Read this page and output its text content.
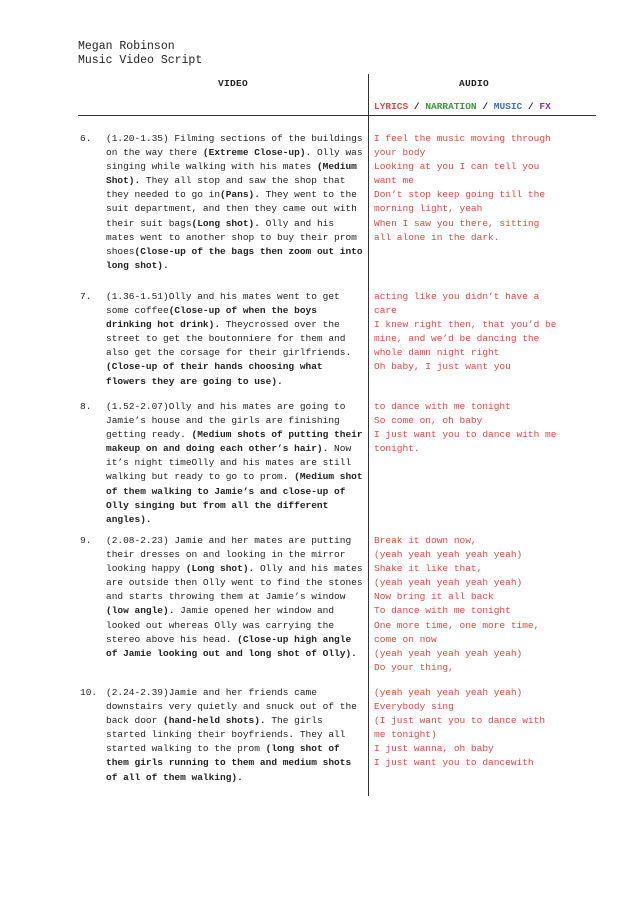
Megan Robinson
Music Video Script
VIDEO	AUDIO
LYRICS / NARRATION / MUSIC / FX
6. (1.20-1.35) Filming sections of the buildings on the way there (Extreme Close-up). Olly was singing while walking with his mates (Medium Shot). They all stop and saw the shop that they needed to go in(Pans). They went to the suit department, and then they came out with their suit bags(Long shot). Olly and his mates went to another shop to buy their prom shoes(Close-up of the bags then zoom out into long shot).
I feel the music moving through
your body
Looking at you I can tell you
want me
Don’t stop keep going till the
morning light, yeah
When I saw you there, sitting
all alone in the dark.
7. (1.36-1.51)Olly and his mates went to get some coffee(Close-up of when the boys drinking hot drink). Theycrossed over the street to get the boutonniere for them and also get the corsage for their girlfriends. (Close-up of their hands choosing what flowers they are going to use).
acting like you didn’t have a
care
I knew right then, that you’d be
mine, and we’d be dancing the
whole damn night right
Oh baby, I just want you
8. (1.52-2.07)Olly and his mates are going to Jamie’s house and the girls are finishing getting ready. (Medium shots of putting their makeup on and doing each other’s hair). Now it’s night timeOlly and his mates are still walking but ready to go to prom. (Medium shot of them walking to Jamie’s and close-up of Olly singing but from all the different angles).
to dance with me tonight
So come on, oh baby
I just want you to dance with me
tonight.
9. (2.08-2.23) Jamie and her mates are putting their dresses on and looking in the mirror looking happy (Long shot). Olly and his mates are outside then Olly went to find the stones and starts throwing them at Jamie’s window (low angle). Jamie opened her window and looked out whereas Olly was carrying the stereo above his head. (Close-up high angle of Jamie looking out and long shot of Olly).
Break it down now,
(yeah yeah yeah yeah yeah)
Shake it like that,
(yeah yeah yeah yeah yeah)
Now bring it all back
To dance with me tonight
One more time, one more time,
come on now
(yeah yeah yeah yeah yeah)
Do your thing,
10. (2.24-2.39)Jamie and her friends came downstairs very quietly and snuck out of the back door (hand-held shots). The girls started linking their boyfriends. They all started walking to the prom (long shot of them girls running to them and medium shots of all of them walking).
(yeah yeah yeah yeah yeah)
Everybody sing
(I just want you to dance with
me tonight)
I just wanna, oh baby
I just want you to dancewith
